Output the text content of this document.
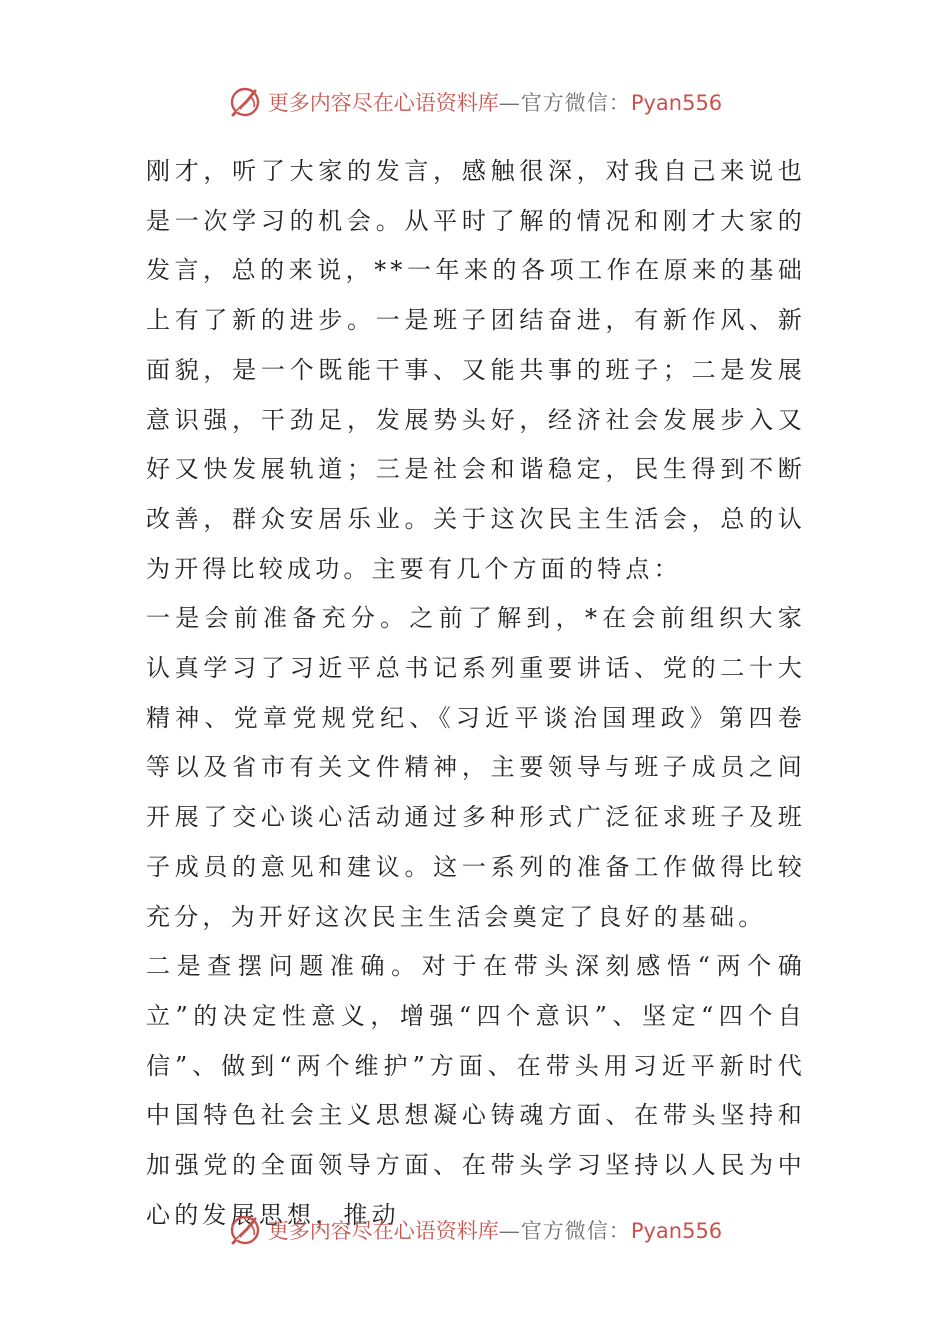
更多内容尽在心语资料库—官方微信：Pyan556

刚才，听了大家的发言，感触很深，对我自己来说也是一次学习的机会。从平时了解的情况和刚才大家的发言，总的来说，**一年来的各项工作在原来的基础上有了新的进步。一是班子团结奋进，有新作风、新面貌，是一个既能干事、又能共事的班子；二是发展意识强，干劲足，发展势头好，经济社会发展步入又好又快发展轨道；三是社会和谐稳定，民生得到不断改善，群众安居乐业。关于这次民主生活会，总的认为开得比较成功。主要有几个方面的特点：

一是会前准备充分。之前了解到，*在会前组织大家认真学习了习近平总书记系列重要讲话、党的二十大精神、党章党规党纪、《习近平谈治国理政》第四卷等以及省市有关文件精神，主要领导与班子成员之间开展了交心谈心活动通过多种形式广泛征求班子及班子成员的意见和建议。这一系列的准备工作做得比较充分，为开好这次民主生活会奠定了良好的基础。

二是查摆问题准确。对于在带头深刻感悟“两个确立”的决定性意义，增强“四个意识”、坚定“四个自信”、做到“两个维护”方面、在带头用习近平新时代中国特色社会主义思想凝心铸魂方面、在带头坚持和加强党的全面领导方面、在带头学习坚持以人民为中心的发展思想，推动

更多内容尽在心语资料库—官方微信：Pyan556
